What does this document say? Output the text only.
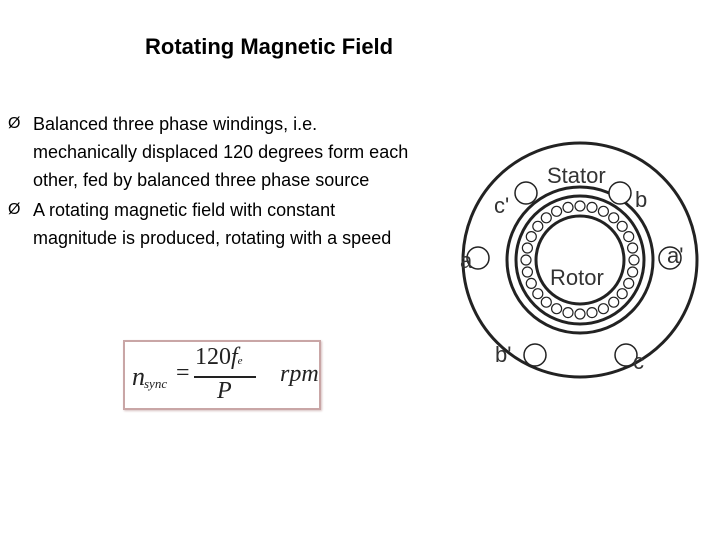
Rotating Magnetic Field
Ø Balanced three phase windings, i.e. mechanically displaced 120 degrees form each other, fed by balanced three phase source
Ø A rotating magnetic field with constant magnitude is produced, rotating with a speed
n sync =
120fe
P
rpm
Stator
Rotor
c'	b
a	a'
b'	c
